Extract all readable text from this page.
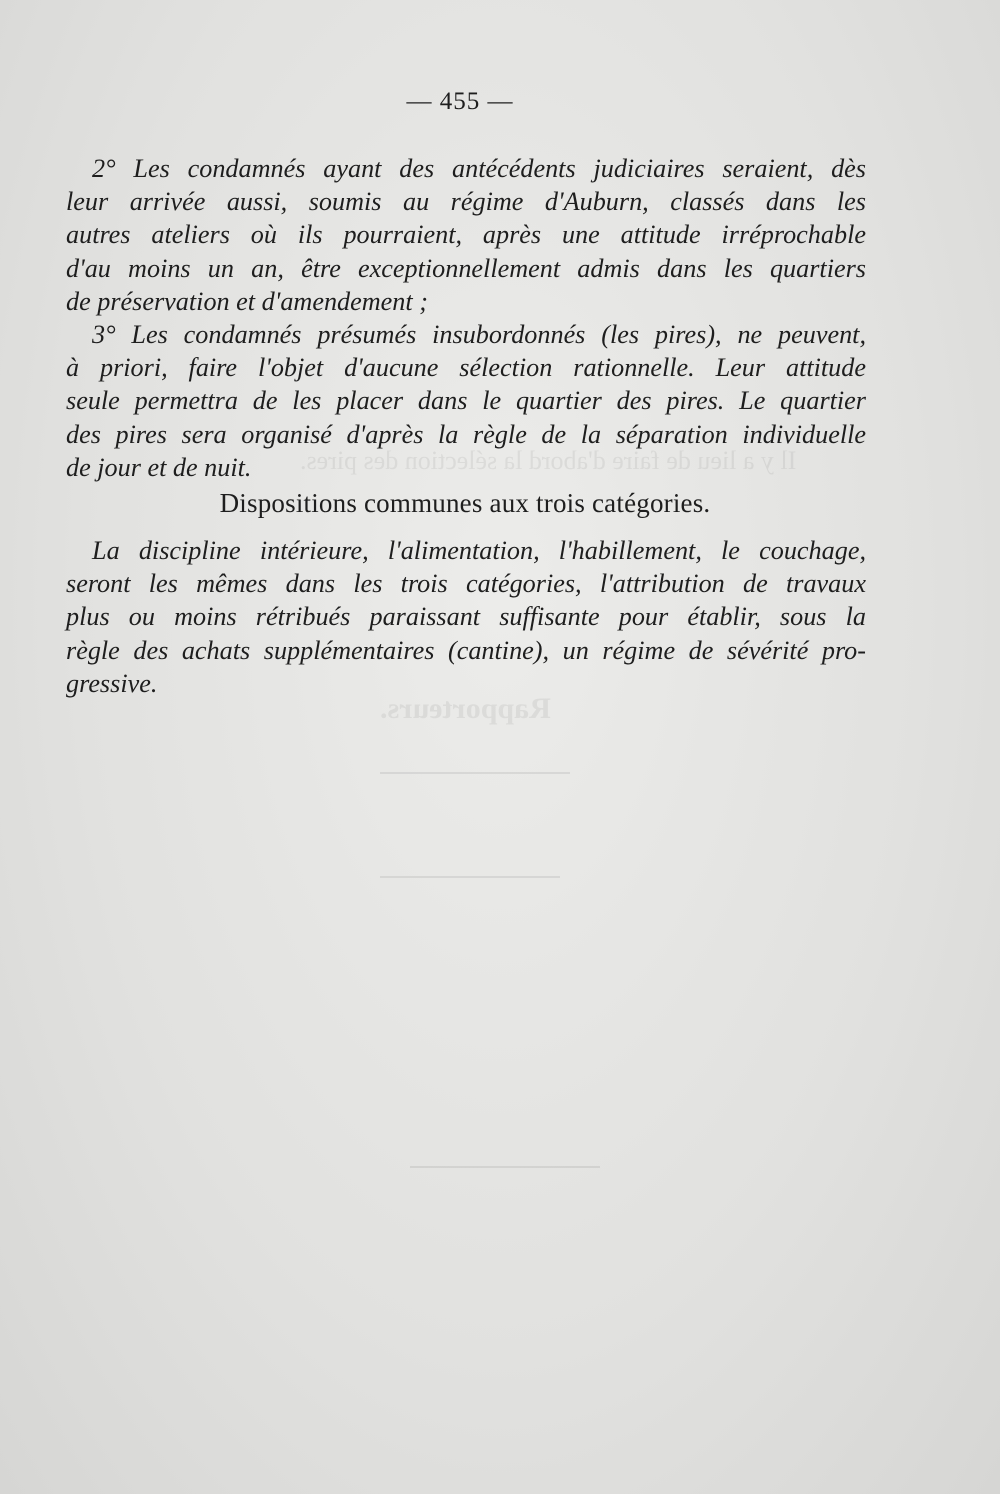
Il y a lieu de faire d'abord la sélection des pires.
Rapporteurs.
— 455 —
2° Les condamnés ayant des antécédents judiciaires seraient, dès
leur arrivée aussi, soumis au régime d'Auburn, classés dans les
autres ateliers où ils pourraient, après une attitude irréprochable
d'au moins un an, être exceptionnellement admis dans les quartiers
de préservation et d'amendement ;
3° Les condamnés présumés insubordonnés (les pires), ne peuvent,
à priori, faire l'objet d'aucune sélection rationnelle. Leur attitude
seule permettra de les placer dans le quartier des pires. Le quartier
des pires sera organisé d'après la règle de la séparation individuelle
de jour et de nuit.
Dispositions communes aux trois catégories.
La discipline intérieure, l'alimentation, l'habillement, le couchage,
seront les mêmes dans les trois catégories, l'attribution de travaux
plus ou moins rétribués paraissant suffisante pour établir, sous la
règle des achats supplémentaires (cantine), un régime de sévérité pro-
gressive.
